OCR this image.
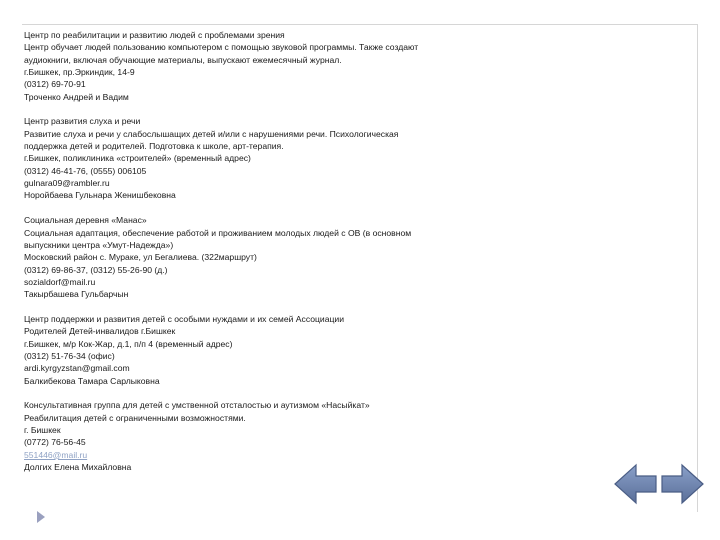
Центр по реабилитации и развитию людей с проблемами зрения
Центр обучает людей пользованию компьютером с помощью звуковой программы. Также создают
аудиокниги, включая обучающие материалы, выпускают ежемесячный журнал.
г.Бишкек, пр.Эркиндик, 14-9
(0312) 69-70-91
Троченко Андрей и Вадим
Центр развития слуха и речи
Развитие слуха и речи у слабослышащих детей и/или с нарушениями речи. Психологическая
поддержка детей и родителей. Подготовка к школе, арт-терапия.
г.Бишкек, поликлиника «строителей» (временный адрес)
(0312) 46-41-76, (0555) 006105
gulnara09@rambler.ru
Норойбаева Гульнара Женишбековна
Социальная деревня «Манас»
Социальная адаптация, обеспечение работой и проживанием молодых людей с ОВ (в основном
выпускники центра «Умут-Надежда»)
Московский район с. Мураке, ул Бегалиева. (322маршрут)
(0312) 69-86-37, (0312) 55-26-90 (д.)
sozialdorf@mail.ru
Такырбашева Гульбарчын
Центр поддержки и развития детей с особыми нуждами и их семей Ассоциации
Родителей Детей-инвалидов г.Бишкек
г.Бишкек, м/р Кок-Жар, д.1, п/п 4 (временный адрес)
(0312) 51-76-34 (офис)
ardi.kyrgyzstan@gmail.com
Балкибекова Тамара Сарлыковна
Консультативная группа для детей с умственной отсталостью и аутизмом «Насыйкат»
Реабилитация детей с ограниченными возможностями.
г. Бишкек
(0772) 76-56-45
551446@mail.ru
Долгих Елена Михайловна
